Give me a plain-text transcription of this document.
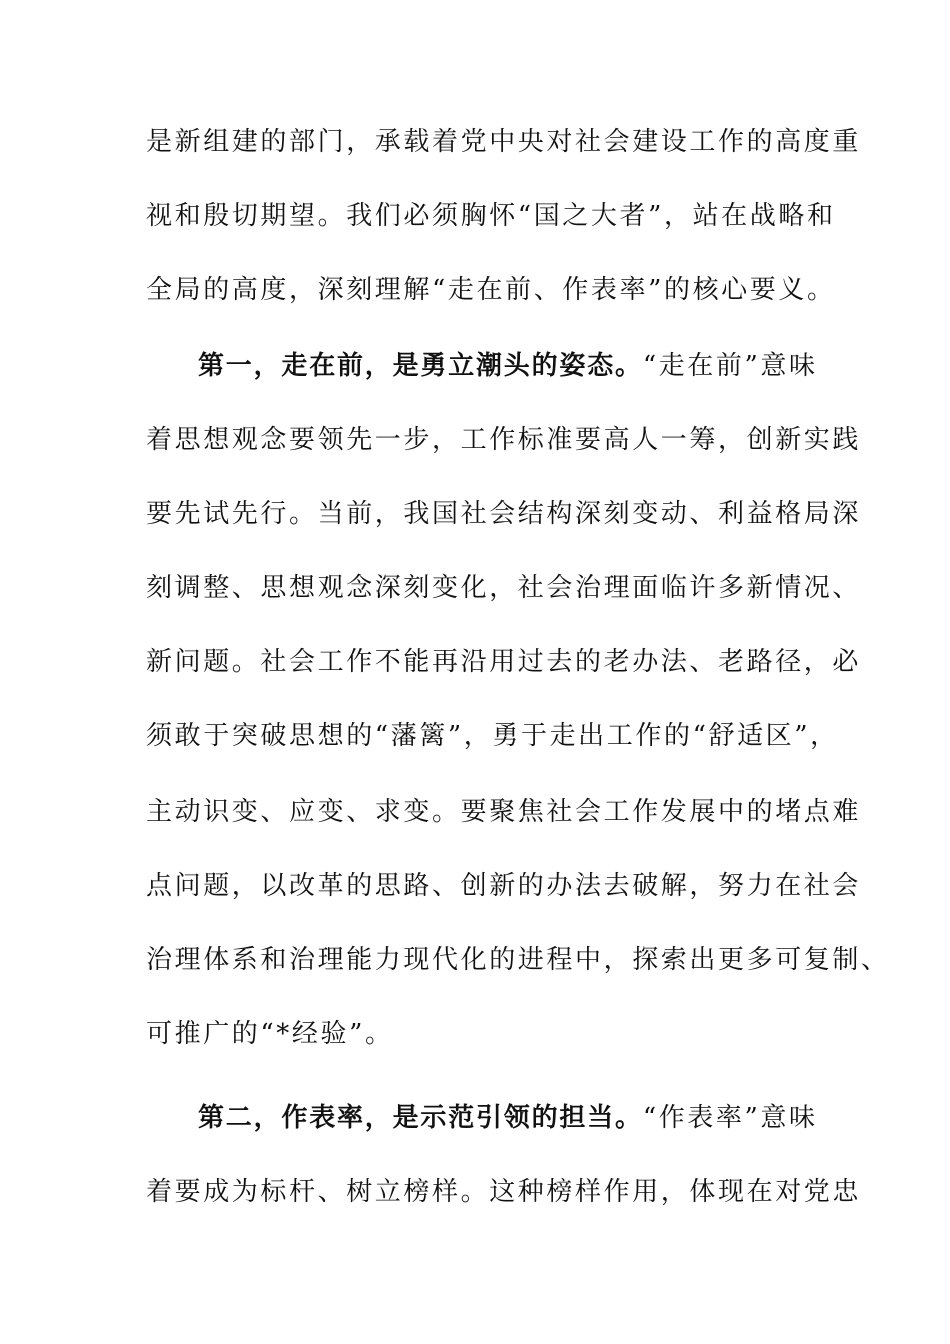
是新组建的部门，承载着党中央对社会建设工作的高度重
视和殷切期望。我们必须胸怀“国之大者”，站在战略和
全局的高度，深刻理解“走在前、作表率”的核心要义。
第一，走在前，是勇立潮头的姿态。“走在前”意味
着思想观念要领先一步，工作标准要高人一筹，创新实践
要先试先行。当前，我国社会结构深刻变动、利益格局深
刻调整、思想观念深刻变化，社会治理面临许多新情况、
新问题。社会工作不能再沿用过去的老办法、老路径，必
须敢于突破思想的“藩篱”，勇于走出工作的“舒适区”，
主动识变、应变、求变。要聚焦社会工作发展中的堵点难
点问题，以改革的思路、创新的办法去破解，努力在社会
治理体系和治理能力现代化的进程中，探索出更多可复制、
可推广的“*经验”。
第二，作表率，是示范引领的担当。“作表率”意味
着要成为标杆、树立榜样。这种榜样作用，体现在对党忠
